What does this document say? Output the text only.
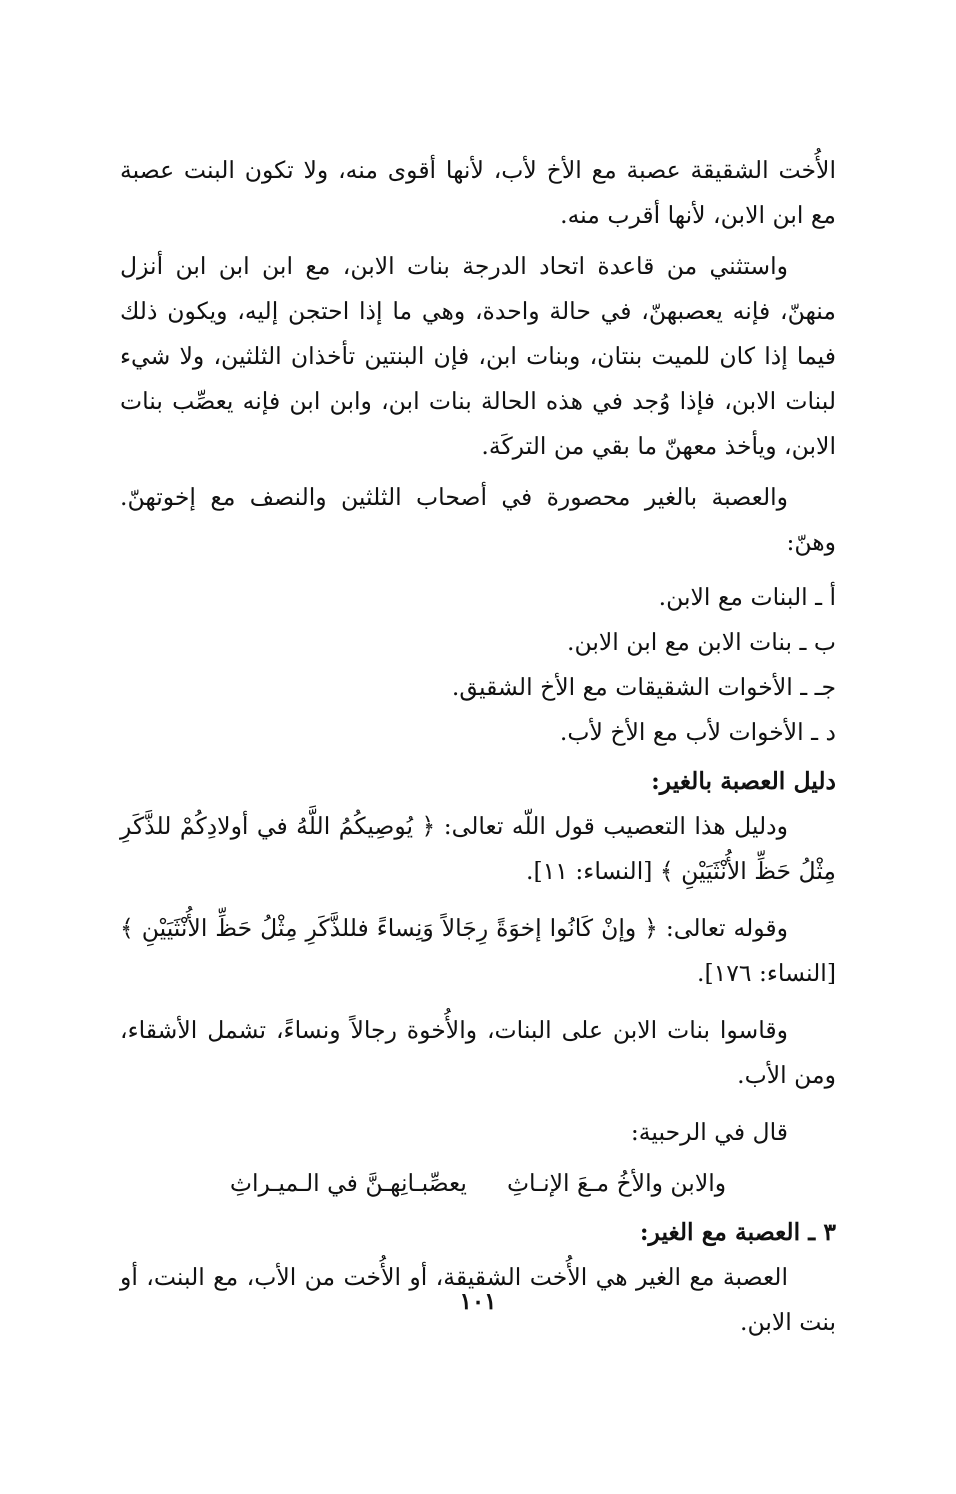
الأُخت الشقيقة عصبة مع الأخ لأب، لأنها أقوى منه، ولا تكون البنت عصبة مع ابن الابن، لأنها أقرب منه.

واستثني من قاعدة اتحاد الدرجة بنات الابن، مع ابن ابن ابن أنزل منهنّ، فإنه يعصبهنّ، في حالة واحدة، وهي ما إذا احتجن إليه، ويكون ذلك فيما إذا كان للميت بنتان، وبنات ابن، فإن البنتين تأخذان الثلثين، ولا شيء لبنات الابن، فإذا وُجد في هذه الحالة بنات ابن، وابن ابن فإنه يعصِّب بنات الابن، ويأخذ معهنّ ما بقي من التركَة.

والعصبة بالغير محصورة في أصحاب الثلثين والنصف مع إخوتهنّ. وهنّ:

أ ـ البنات مع الابن.

ب ـ بنات الابن مع ابن الابن.

جـ ـ الأخوات الشقيقات مع الأخ الشقيق.

د ـ الأخوات لأب مع الأخ لأب.

دليل العصبة بالغير:

ودليل هذا التعصيب قول اللّه تعالى: ﴿ يُوصِيكُمُ اللَّهُ في أولادِكُمْ للذَّكَرِ مِثْلُ حَظِّ الأُنْثَيَيْنِ ﴾ [النساء: ١١].

وقوله تعالى: ﴿ وإنْ كَانُوا إخوَةً رِجَالاً وَنِساءً فللذَّكَرِ مِثْلُ حَظِّ الأُنْثَيَيْنِ ﴾ [النساء: ١٧٦].

وقاسوا بنات الابن على البنات، والأُخوة رجالاً ونساءً، تشمل الأشقاء، ومن الأب.

قال في الرحبية:

والابن والأخُ مـعَ الإنـاثِ
يعصِّبـانِهـنَّ في الـميـراثِ

٣ ـ العصبة مع الغير:

العصبة مع الغير هي الأُخت الشقيقة، أو الأُخت من الأب، مع البنت، أو بنت الابن.

١٠١
